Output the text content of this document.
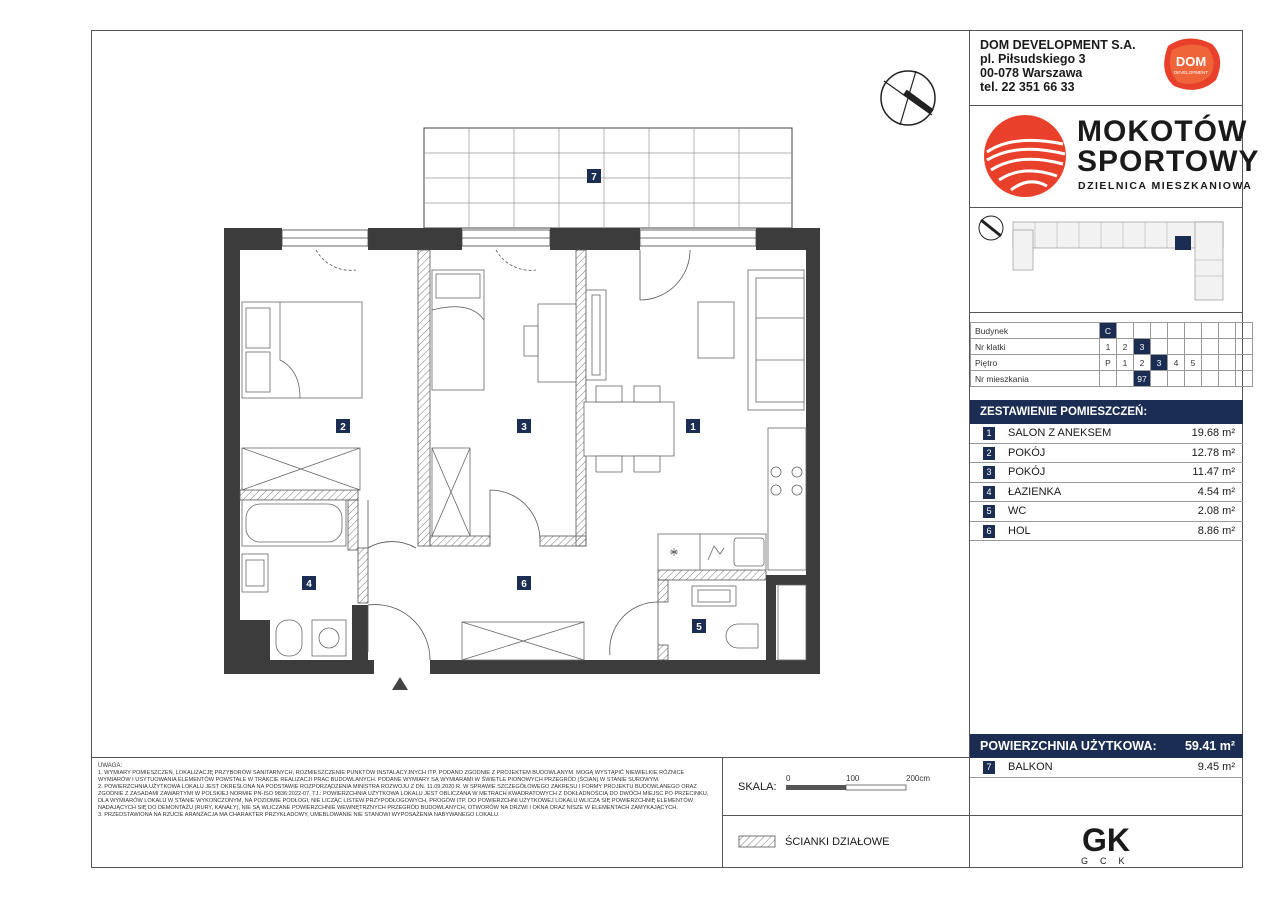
1
2	3
4
5
6
7
DOM DEVELOPMENT S.A.
pl. Piłsudskiego 3
00-078 Warszawa
tel. 22 351 66 33
DOM
DEVELOPMENT
MOKOTÓW
SPORTOWY
DZIELNICA MIESZKANIOWA
Budynek	C								
Nr klatki	1	2	3						
Piętro	P	1	2	3	4	5			
Nr mieszkania			97						
ZESTAWIENIE POMIESZCZEŃ:
1	SALON Z ANEKSEM	19.68 m²
2	POKÓJ	12.78 m²
3	POKÓJ	11.47 m²
4	ŁAZIENKA	4.54 m²
5	WC	2.08 m²
6	HOL	8.86 m²
POWIERZCHNIA UŻYTKOWA: 59.41 m²
7	BALKON	9.45 m²
UWAGA:
1. WYMIARY POMIESZCZEŃ, LOKALIZACJĘ PRZYBORÓW SANITARNYCH, ROZMIESZCZENIE PUNKTÓW INSTALACYJNYCH ITP. PODANO ZGODNIE Z PROJEKTEM BUDOWLANYM. MOGĄ WYSTĄPIĆ NIEWIELKIE RÓŻNICE WYMIARÓW I USYTUOWANIA ELEMENTÓW POWSTAŁE W TRAKCIE REALIZACJI PRAC BUDOWLANYCH. PODANE WYMIARY SĄ WYMIARAMI W ŚWIETLE PIONOWYCH PRZEGRÓD (ŚCIAN) W STANIE SUROWYM.
2. POWIERZCHNIA UŻYTKOWA LOKALU JEST OKREŚLONA NA PODSTAWIE ROZPORZĄDZENIA MINISTRA ROZWOJU Z DN. 11.09.2020 R. W SPRAWIE SZCZEGÓŁOWEGO ZAKRESU I FORMY PROJEKTU BUDOWLANEGO ORAZ ZGODNIE Z ZASADAMI ZAWARTYMI W POLSKIEJ NORMIE PN-ISO 9836:2022-07, TJ.: POWIERZCHNIA UŻYTKOWA LOKALU JEST OBLICZANA W METRACH KWADRATOWYCH Z DOKŁADNOŚCIĄ DO DWÓCH MIEJSC PO PRZECINKU, DLA WYMIARÓW LOKALU W STANIE WYKOŃCZONYM, NA POZIOMIE PODŁOGI, NIE LICZĄC LISTEW PRZYPODŁOGOWYCH, PROGÓW ITP. DO POWIERZCHNI UŻYTKOWEJ LOKALU WLICZA SIĘ POWIERZCHNIĘ ELEMENTÓW NADAJĄCYCH SIĘ DO DEMONTAŻU (RURY, KANAŁY), NIE SĄ WLICZANE POWIERZCHNIE WEWNĘTRZNYCH PRZEGRÓD BUDOWLANYCH, OTWORÓW NA DRZWI I OKNA ORAZ NISZE W ELEMENTACH ZAMYKAJĄCYCH.
3. PRZEDSTAWIONA NA RZUCIE ARANŻACJA MA CHARAKTER PRZYKŁADOWY, UMEBLOWANIE NIE STANOWI WYPOSAŻENIA NABYWANEGO LOKALU.
SKALA:
0	100	200cm
ŚCIANKI DZIAŁOWE	GK
GCK
